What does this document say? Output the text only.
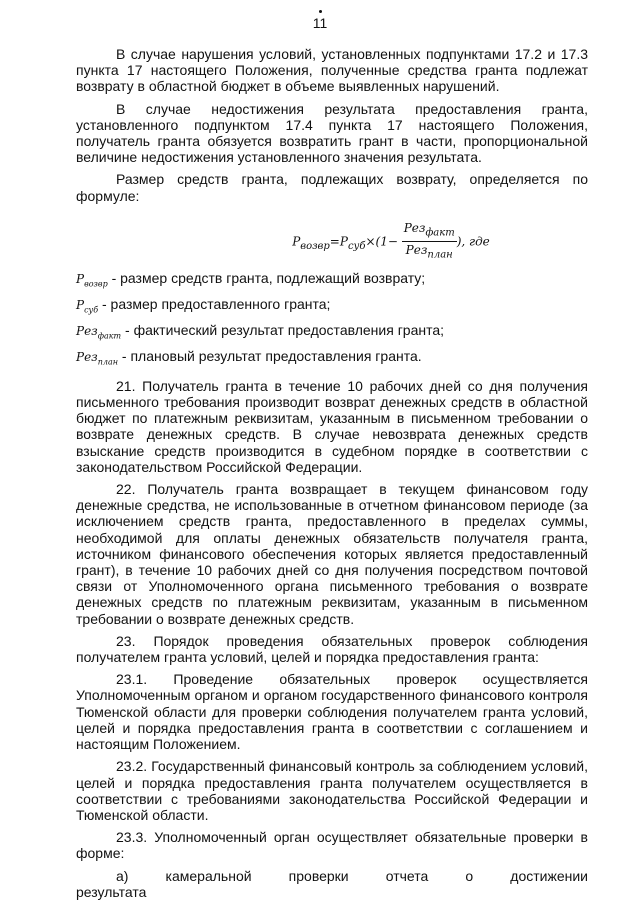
11

В случае нарушения условий, установленных подпунктами 17.2 и 17.3 пункта 17 настоящего Положения, полученные средства гранта подлежат возврату в областной бюджет в объеме выявленных нарушений.

В случае недостижения результата предоставления гранта, установленного подпунктом 17.4 пункта 17 настоящего Положения, получатель гранта обязуется возвратить грант в части, пропорциональной величине недостижения установленного значения результата.

Размер средств гранта, подлежащих возврату, определяется по формуле:

$P_{возвр}=P_{суб}\times(1- \frac{Рез_{факт}}{Рез_{план}}$ ), где
$P_{возвр}$ - размер средств гранта, подлежащий возврату;
$P_{суб}$ - размер предоставленного гранта;
Рез$_{факт}$ - фактический результат предоставления гранта;
Рез$_{план}$ - плановый результат предоставления гранта.

21. Получатель гранта в течение 10 рабочих дней со дня получения письменного требования производит возврат денежных средств в областной бюджет по платежным реквизитам, указанным в письменном требовании о возврате денежных средств. В случае невозврата денежных средств взыскание средств производится в судебном порядке в соответствии с законодательством Российской Федерации.

22. Получатель гранта возвращает в текущем финансовом году денежные средства, не использованные в отчетном финансовом периоде (за исключением средств гранта, предоставленного в пределах суммы, необходимой для оплаты денежных обязательств получателя гранта, источником финансового обеспечения которых является предоставленный грант), в течение 10 рабочих дней со дня получения посредством почтовой связи от Уполномоченного органа письменного требования о возврате денежных средств по платежным реквизитам, указанным в письменном требовании о возврате денежных средств.

23. Порядок проведения обязательных проверок соблюдения получателем гранта условий, целей и порядка предоставления гранта:

23.1. Проведение обязательных проверок осуществляется Уполномоченным органом и органом государственного финансового контроля Тюменской области для проверки соблюдения получателем гранта условий, целей и порядка предоставления гранта в соответствии с соглашением и настоящим Положением.

23.2. Государственный финансовый контроль за соблюдением условий, целей и порядка предоставления гранта получателем осуществляется в соответствии с требованиями законодательства Российской Федерации и Тюменской области.

23.3. Уполномоченный орган осуществляет обязательные проверки в форме:

а) камеральной проверки отчета о достижении результата
